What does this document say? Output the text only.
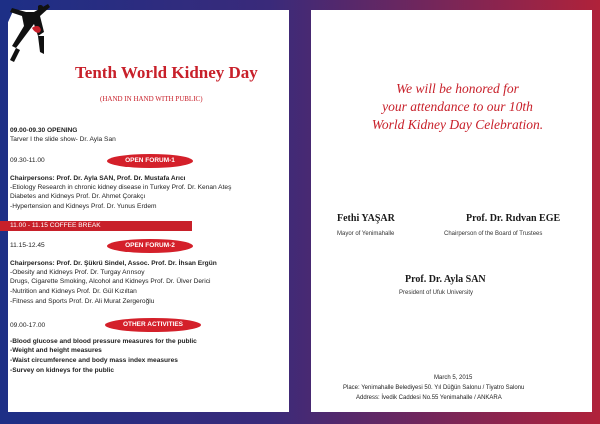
Tenth World Kidney Day
(HAND IN HAND WITH PUBLIC)
09.00-09.30 OPENING
Tarver I the slide show- Dr. Ayla San
09.30-11.00	OPEN FORUM-1
Chairpersons: Prof. Dr. Ayla SAN, Prof. Dr. Mustafa Arıcı
-Etiology Research in chronic kidney disease in Turkey Prof. Dr. Kenan Ateş
Diabetes and Kidneys Prof. Dr. Ahmet Çorakçı
-Hypertension and Kidneys Prof. Dr. Yunus Erdem
11.00 - 11.15 COFFEE BREAK
11.15-12.45	OPEN FORUM-2
Chairpersons: Prof. Dr. Şükrü Sindel, Assoc. Prof. Dr. İhsan Ergün
-Obesity and Kidneys Prof. Dr. Turgay Arınsoy
Drugs, Cigarette Smoking, Alcohol and Kidneys Prof. Dr. Ülver Derici
-Nutrition and Kidneys Prof. Dr. Gül Kızıltan
-Fitness and Sports Prof. Dr. Ali Murat Zergeroğlu
09.00-17.00	OTHER ACTIVITIES
-Blood glucose and blood pressure measures for the public
-Weight and height measures
-Waist circumference and body mass index measures
-Survey on kidneys for the public
We will be honored for
your attendance to our 10th
World Kidney Day Celebration.
Fethi YAŞAR
Mayor of Yenimahalle
Prof. Dr. Rıdvan EGE
Chairperson of the Board of Trustees
Prof. Dr. Ayla SAN
President of Ufuk University
March 5, 2015
Place: Yenimahalle Belediyesi 50. Yıl Düğün Salonu / Tiyatro Salonu
Address: İvedik Caddesi No.55 Yenimahalle / ANKARA
